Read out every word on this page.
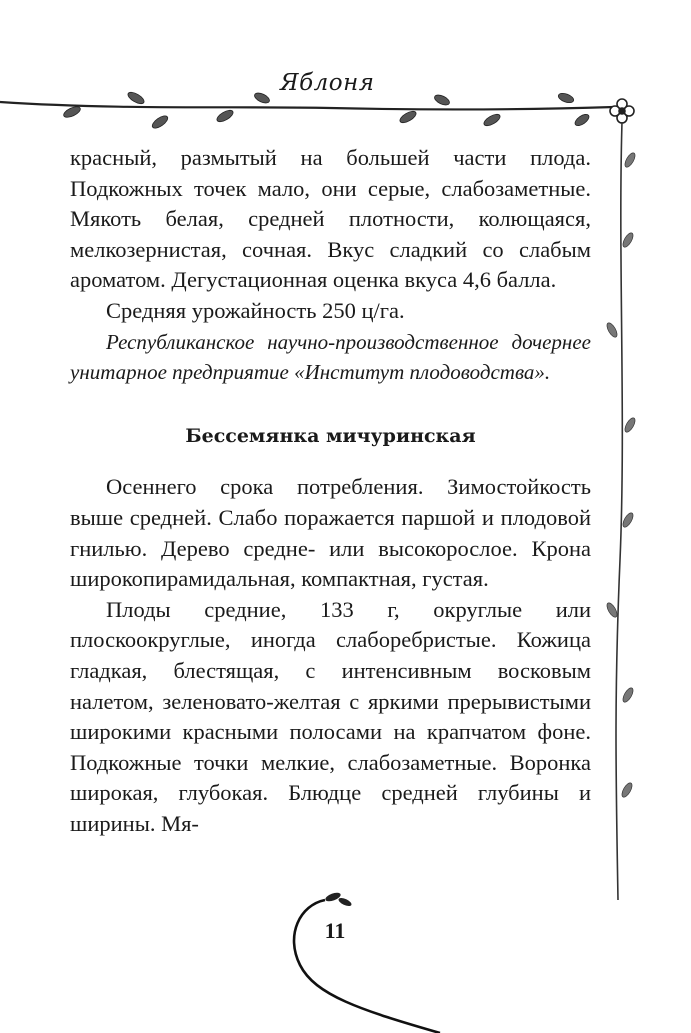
Яблоня

красный, размытый на большей части плода. Подкожных точек мало, они серые, слабозаметные. Мякоть белая, средней плотности, колющаяся, мелкозернистая, сочная. Вкус сладкий со слабым ароматом. Дегустационная оценка вкуса 4,6 балла.

Средняя урожайность 250 ц/га.

Республиканское научно-производственное дочернее унитарное предприятие «Институт плодоводства».

Бессемянка мичуринская

Осеннего срока потребления. Зимостойкость выше средней. Слабо поражается паршой и плодовой гнилью. Дерево средне- или высокорослое. Крона широкопирамидальная, компактная, густая.

Плоды средние, 133 г, округлые или плоскоокруглые, иногда слаборебристые. Кожица гладкая, блестящая, с интенсивным восковым налетом, зеленовато-желтая с яркими прерывистыми широкими красными полосами на крапчатом фоне. Подкожные точки мелкие, слабозаметные. Воронка широкая, глубокая. Блюдце средней глубины и ширины. Мя-

11
